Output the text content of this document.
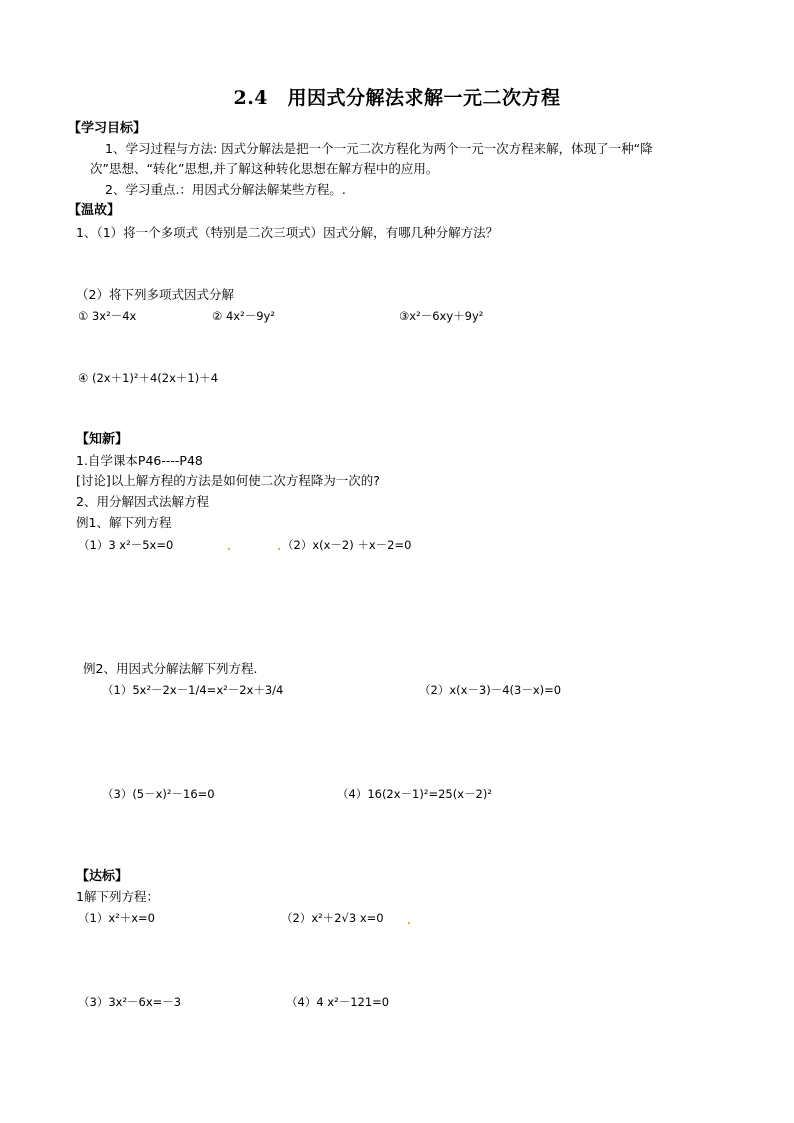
2.4　用因式分解法求解一元二次方程
【学习目标】
1、学习过程与方法: 因式分解法是把一个一元二次方程化为两个一元一次方程来解，体现了一种“降
次”思想、“转化”思想,并了解这种转化思想在解方程中的应用。
2、学习重点.：用因式分解法解某些方程。.
【温故】
1、（1）将一个多项式（特别是二次三项式）因式分解，有哪几种分解方法？
（2）将下列多项式因式分解
① 3x²－4x	② 4x²－9y²	③x²－6xy＋9y²
④ (2x＋1)²＋4(2x＋1)＋4
【知新】
1.自学课本P46----P48
[讨论]以上解方程的方法是如何使二次方程降为一次的?
2、用分解因式法解方程
例1、解下列方程
（1）3 x²－5x=0	（2）x(x－2) ＋x－2=0
例2、用因式分解法解下列方程.
（1）5x²－2x－1/4=x²－2x＋3/4	（2）x(x－3)－4(3－x)=0
（3）(5－x)²－16=0	（4）16(2x－1)²=25(x－2)²
【达标】
1解下列方程：
（1）x²＋x=0	（2）x²＋2√3 x=0
（3）3x²－6x=－3	（4）4 x²－121=0
